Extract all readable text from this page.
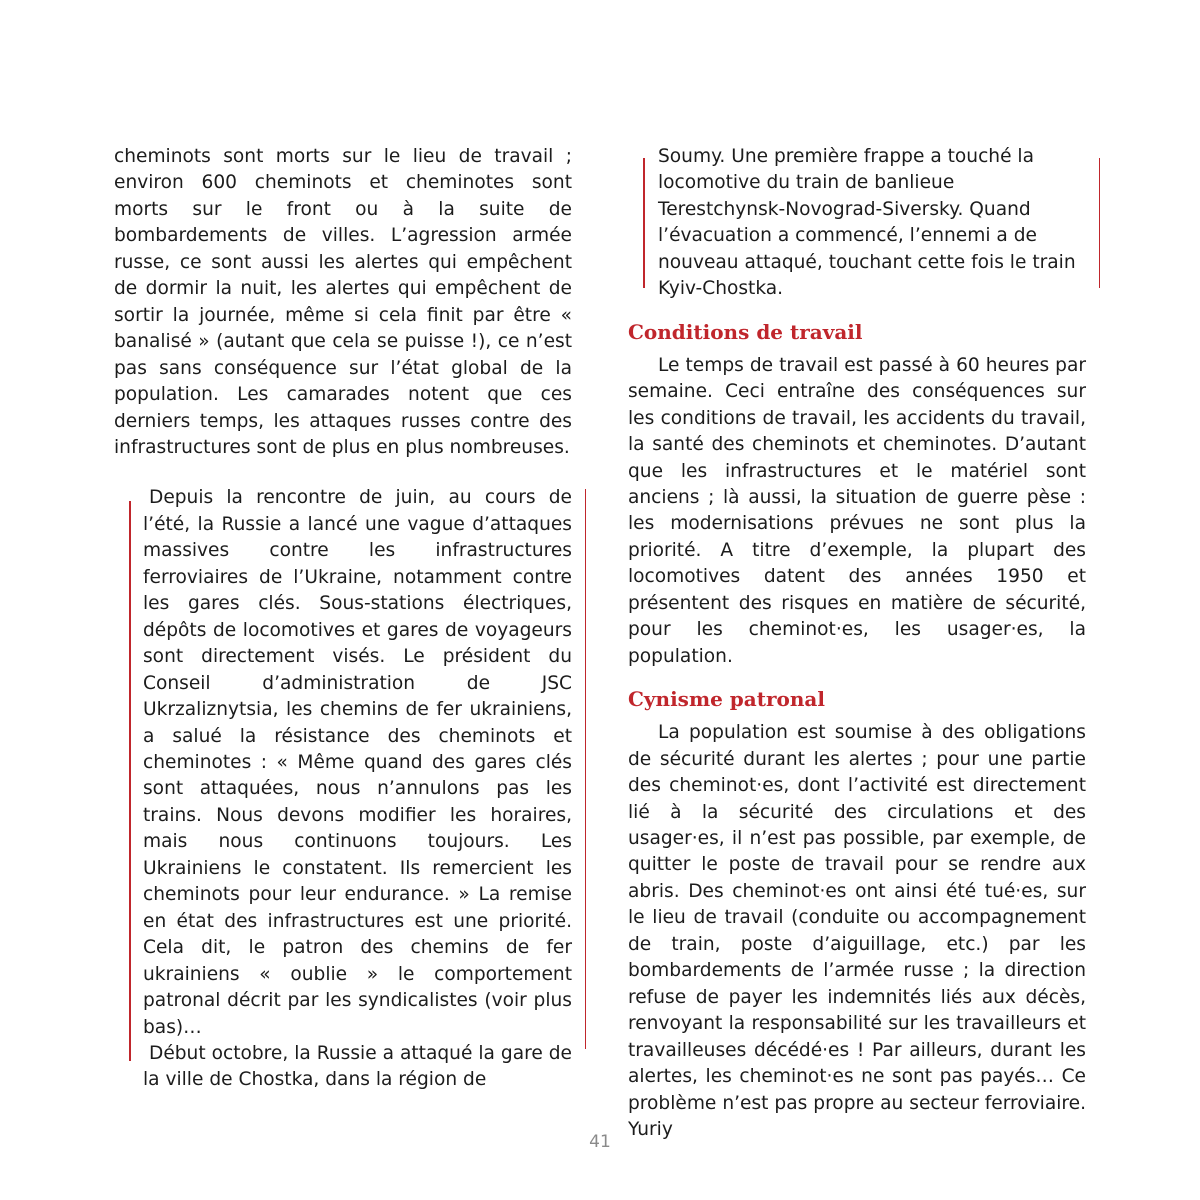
cheminots sont morts sur le lieu de travail ; environ 600 cheminots et cheminotes sont morts sur le front ou à la suite de bombardements de villes. L’agression armée russe, ce sont aussi les alertes qui empêchent de dormir la nuit, les alertes qui empêchent de sortir la journée, même si cela finit par être « banalisé » (autant que cela se puisse !), ce n’est pas sans conséquence sur l’état global de la population. Les camarades notent que ces derniers temps, les attaques russes contre des infrastructures sont de plus en plus nombreuses.

Depuis la rencontre de juin, au cours de l’été, la Russie a lancé une vague d’attaques massives contre les infrastructures ferroviaires de l’Ukraine, notamment contre les gares clés. Sous-stations électriques, dépôts de locomotives et gares de voyageurs sont directement visés. Le président du Conseil d’administration de JSC Ukrzaliznytsia, les chemins de fer ukrainiens, a salué la résistance des cheminots et cheminotes : « Même quand des gares clés sont attaquées, nous n’annulons pas les trains. Nous devons modifier les horaires, mais nous continuons toujours. Les Ukrainiens le constatent. Ils remercient les cheminots pour leur endurance. » La remise en état des infrastructures est une priorité. Cela dit, le patron des chemins de fer ukrainiens « oublie » le comportement patronal décrit par les syndicalistes (voir plus bas)…

Début octobre, la Russie a attaqué la gare de la ville de Chostka, dans la région de

Soumy. Une première frappe a touché la locomotive du train de banlieue Terestchynsk-Novograd-Siversky. Quand l’évacuation a commencé, l’ennemi a de nouveau attaqué, touchant cette fois le train Kyiv-Chostka.

Conditions de travail

Le temps de travail est passé à 60 heures par semaine. Ceci entraîne des conséquences sur les conditions de travail, les accidents du travail, la santé des cheminots et cheminotes. D’autant que les infrastructures et le matériel sont anciens ; là aussi, la situation de guerre pèse : les modernisations prévues ne sont plus la priorité. A titre d’exemple, la plupart des locomotives datent des années 1950 et présentent des risques en matière de sécurité, pour les cheminot·es, les usager·es, la population.

Cynisme patronal

La population est soumise à des obligations de sécurité durant les alertes ; pour une partie des cheminot·es, dont l’activité est directement lié à la sécurité des circulations et des usager·es, il n’est pas possible, par exemple, de quitter le poste de travail pour se rendre aux abris. Des cheminot·es ont ainsi été tué·es, sur le lieu de travail (conduite ou accompagnement de train, poste d’aiguillage, etc.) par les bombardements de l’armée russe ; la direction refuse de payer les indemnités liés aux décès, renvoyant la responsabilité sur les travailleurs et travailleuses décédé·es ! Par ailleurs, durant les alertes, les cheminot·es ne sont pas payés… Ce problème n’est pas propre au secteur ferroviaire. Yuriy

41
